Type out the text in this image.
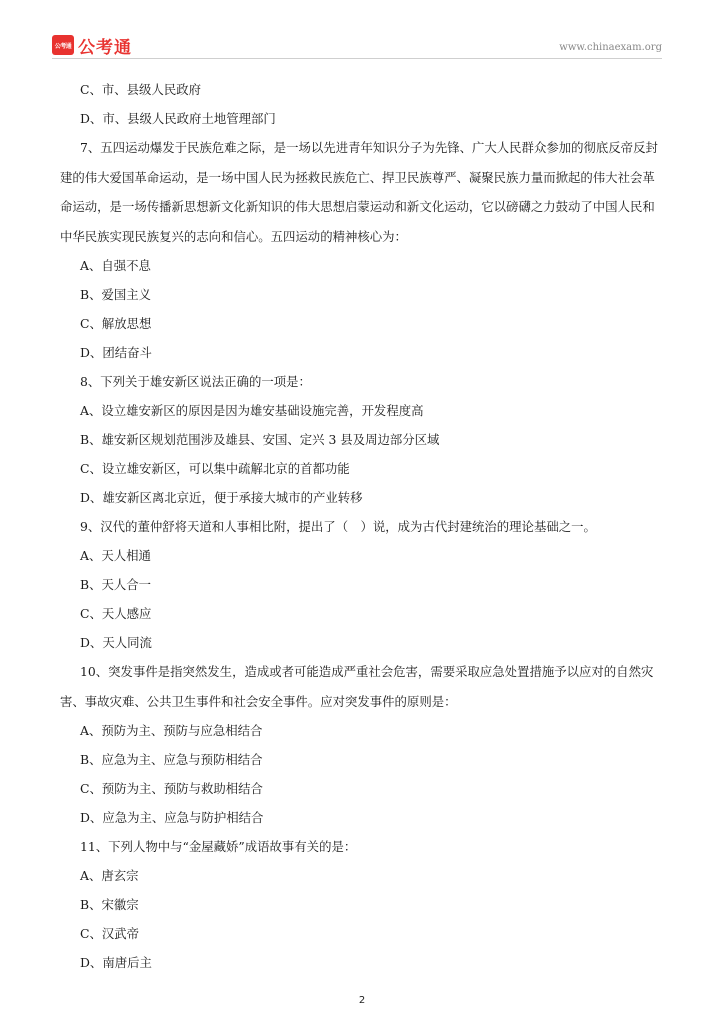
公考通 公考通	www.chinaexam.org
C、市、县级人民政府
D、市、县级人民政府土地管理部门
7、五四运动爆发于民族危难之际，是一场以先进青年知识分子为先锋、广大人民群众参加的彻底反帝反封
建的伟大爱国革命运动，是一场中国人民为拯救民族危亡、捍卫民族尊严、凝聚民族力量而掀起的伟大社会革
命运动，是一场传播新思想新文化新知识的伟大思想启蒙运动和新文化运动，它以磅礴之力鼓动了中国人民和
中华民族实现民族复兴的志向和信心。五四运动的精神核心为：
A、自强不息
B、爱国主义
C、解放思想
D、团结奋斗
8、下列关于雄安新区说法正确的一项是：
A、设立雄安新区的原因是因为雄安基础设施完善，开发程度高
B、雄安新区规划范围涉及雄县、安国、定兴 3 县及周边部分区域
C、设立雄安新区，可以集中疏解北京的首都功能
D、雄安新区离北京近，便于承接大城市的产业转移
9、汉代的董仲舒将天道和人事相比附，提出了（　）说，成为古代封建统治的理论基础之一。
A、天人相通
B、天人合一
C、天人感应
D、天人同流
10、突发事件是指突然发生，造成或者可能造成严重社会危害，需要采取应急处置措施予以应对的自然灾
害、事故灾难、公共卫生事件和社会安全事件。应对突发事件的原则是：
A、预防为主、预防与应急相结合
B、应急为主、应急与预防相结合
C、预防为主、预防与救助相结合
D、应急为主、应急与防护相结合
11、下列人物中与“金屋藏娇”成语故事有关的是：
A、唐玄宗
B、宋徽宗
C、汉武帝
D、南唐后主
2
